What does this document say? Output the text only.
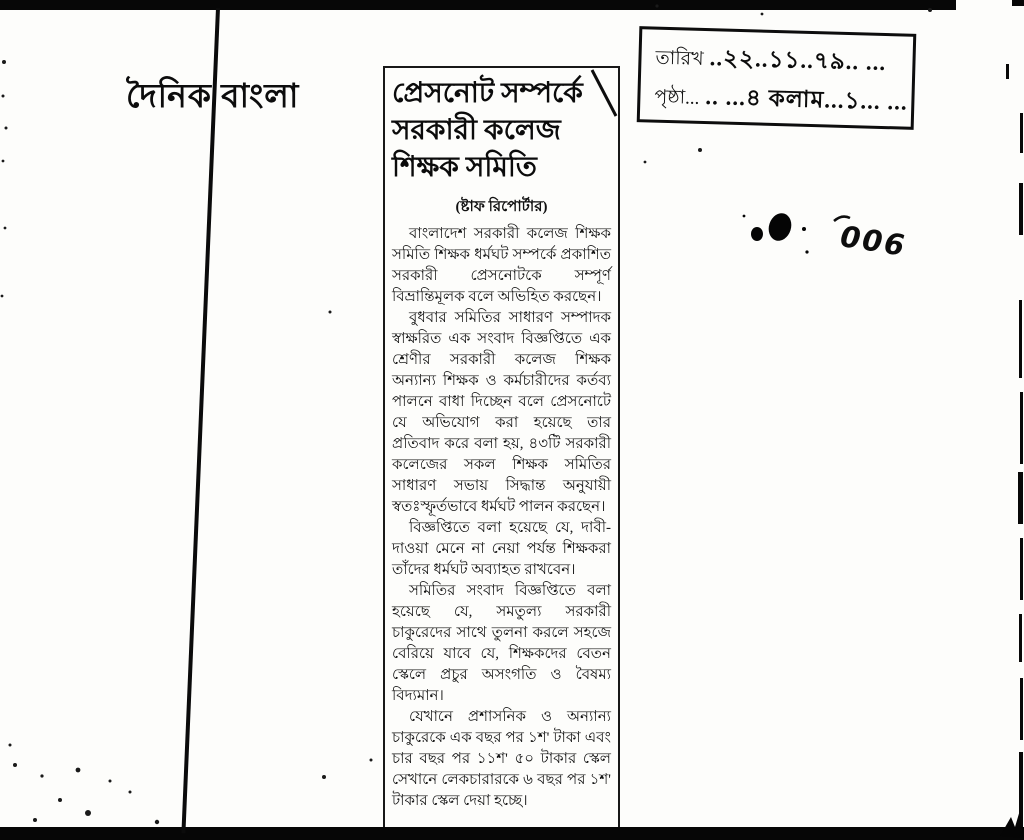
দৈনিক বাংলা
তারিখ ..২২..১১..৭৯.. ...
পৃষ্ঠা... .. ...৪ কলাম...১... ...
006
প্রেসনোট সম্পর্কে
সরকারী কলেজ
শিক্ষক সমিতি
(ষ্টাফ রিপোর্টার)

বাংলাদেশ সরকারী কলেজ শিক্ষক সমিতি শিক্ষক ধর্মঘট সম্পর্কে প্রকাশিত সরকারী প্রেসনোটকে সম্পূর্ণ বিভ্রান্তিমূলক বলে অভিহিত করছেন।

বুধবার সমিতির সাধারণ সম্পাদক স্বাক্ষরিত এক সংবাদ বিজ্ঞপ্তিতে এক শ্রেণীর সরকারী কলেজ শিক্ষক অন্যান্য শিক্ষক ও কর্মচারীদের কর্তব্য পালনে বাধা দিচ্ছেন বলে প্রেসনোটে যে অভিযোগ করা হয়েছে তার প্রতিবাদ করে বলা হয়, ৪৩টি সরকারী কলেজের সকল শিক্ষক সমিতির সাধারণ সভায় সিদ্ধান্ত অনুযায়ী স্বতঃস্ফূর্তভাবে ধর্মঘট পালন করছেন।

বিজ্ঞপ্তিতে বলা হয়েছে যে, দাবী-দাওয়া মেনে না নেয়া পর্যন্ত শিক্ষকরা তাঁদের ধর্মঘট অব্যাহত রাখবেন।

সমিতির সংবাদ বিজ্ঞপ্তিতে বলা হয়েছে যে, সমতুল্য সরকারী চাকুরেদের সাথে তুলনা করলে সহজে বেরিয়ে যাবে যে, শিক্ষকদের বেতন স্কেলে প্রচুর অসংগতি ও বৈষম্য বিদ্যমান।

যেখানে প্রশাসনিক ও অন্যান্য চাকুরেকে এক বছর পর ১শ' টাকা এবং চার বছর পর ১১শ' ৫০ টাকার স্কেল সেখানে লেকচারারকে ৬ বছর পর ১শ' টাকার স্কেল দেয়া হচ্ছে।
